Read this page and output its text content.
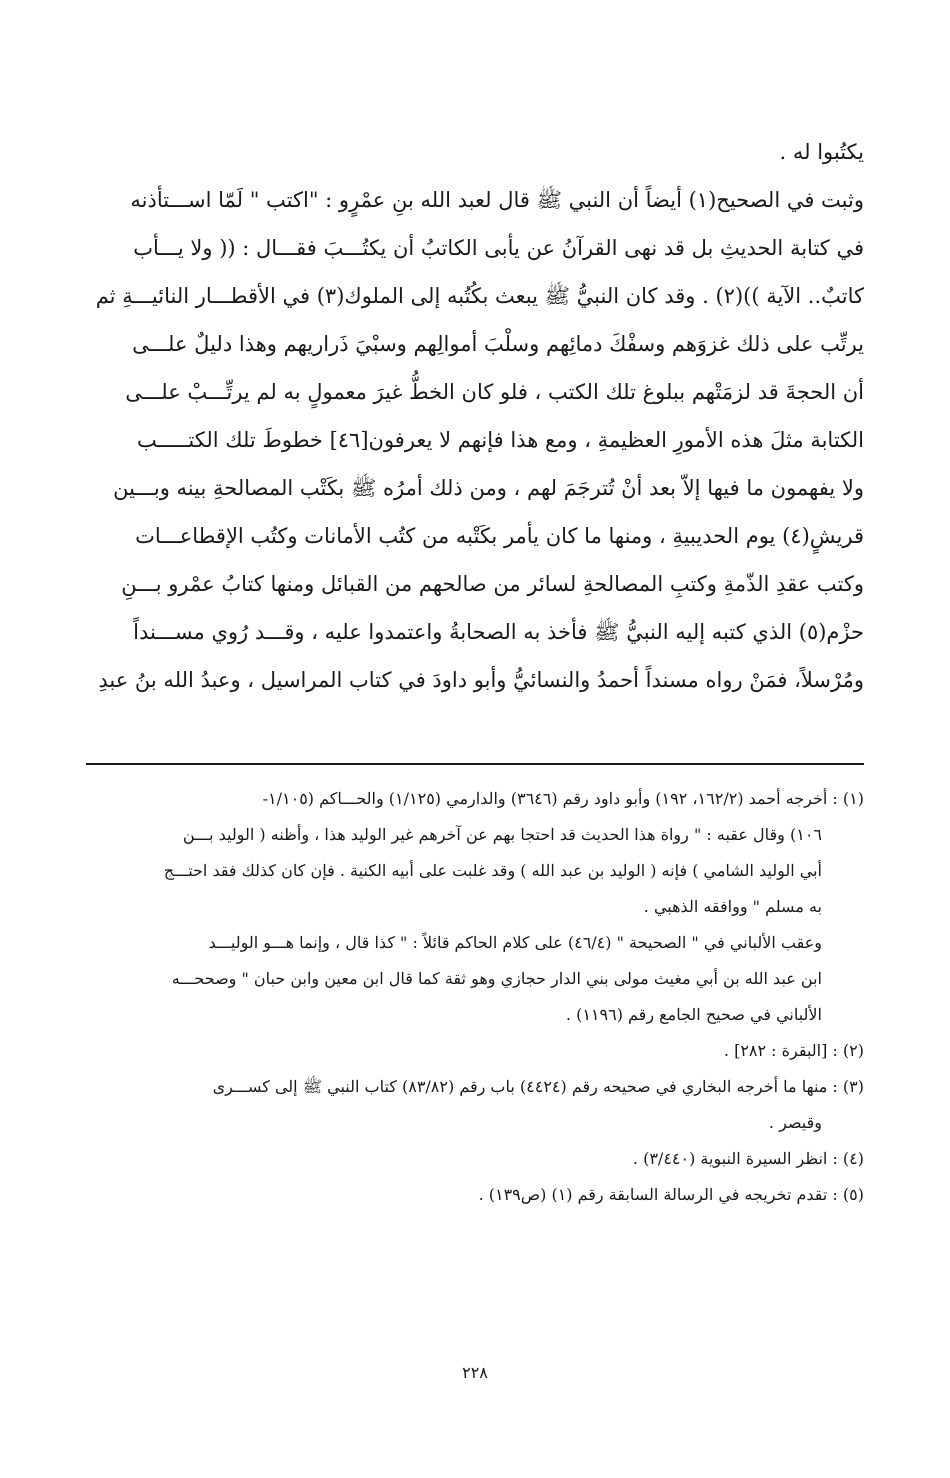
يكتُبوا له .
وثبت في الصحيح(١) أيضاً أن النبي ﷺ قال لعبد الله بنِ عمْرٍو : "اكتب " لَمّا اســـتأذنه
في كتابة الحديثِ بل قد نهى القرآنُ عن يأبى الكاتبُ أن يكتُـــبَ فقـــال : (( ولا يـــأب
كاتبٌ.. الآية ))(٢) . وقد كان النبيُّ ﷺ يبعث بكُتُبه إلى الملوك(٣) في الأقطـــار النائيـــةِ ثم
يرتِّب على ذلك غزوَهم وسفْكَ دمائِهم وسلْبَ أموالِهم وسبْيَ ذَراريهم وهذا دليلٌ علـــى
أن الحجةَ قد لزمَتْهم ببلوغ تلك الكتب ، فلو كان الخطُّ غيرَ معمولٍ به لم يرتِّـــبْ علـــى
الكتابة مثلَ هذه الأمورِ العظيمةِ ، ومع هذا فإنهم لا يعرفون[٤٦] خطوطَ تلك الكتـــــب
ولا يفهمون ما فيها إلاّ بعد أنْ تُترجَمَ لهم ، ومن ذلك أمرُه ﷺ بكَتْب المصالحةِ بينه وبـــين
قريشٍ(٤) يوم الحديبيةِ ، ومنها ما كان يأمر بكَتْبه من كتُب الأمانات وكتُب الإقطاعـــات
وكتب عقدِ الذّمةِ وكتبِ المصالحةِ لسائر من صالحهم من القبائل ومنها كتابُ عمْرو بـــنِ
حزْم(٥) الذي كتبه إليه النبيُّ ﷺ فأخذ به الصحابةُ واعتمدوا عليه ، وقـــد رُوي مســـنداً
ومُرْسلاً، فمَنْ رواه مسنداً أحمدُ والنسائيُّ وأبو داودَ في كتاب المراسيل ، وعبدُ الله بنُ عبدِ
(١) : أخرجه أحمد (١٦٢/٢، ١٩٢) وأبو داود رقم (٣٦٤٦) والدارمي (١/١٢٥) والحـــاكم (١/١٠٥-
١٠٦) وقال عقبه : " رواة هذا الحديث قد احتجا بهم عن آخرهم غير الوليد هذا ، وأظنه ( الوليد بـــن
أبي الوليد الشامي ) فإنه ( الوليد بن عبد الله ) وقد غلبت على أبيه الكنية . فإن كان كذلك فقد احتـــج
به مسلم " ووافقه الذهبي .
وعقب الألباني في " الصحيحة " (٤٦/٤) على كلام الحاكم قائلاً : " كذا قال ، وإنما هـــو الوليـــد
ابن عبد الله بن أبي مغيث مولى بني الدار حجازي وهو ثقة كما قال ابن معين وابن حبان " وصححـــه
الألباني في صحيح الجامع رقم (١١٩٦) .
(٢) : [البقرة : ٢٨٢] .
(٣) : منها ما أخرجه البخاري في صحيحه رقم (٤٤٢٤) باب رقم (٨٣/٨٢) كتاب النبي ﷺ إلى كســـرى
وقيصر .
(٤) : انظر السيرة النبوية (٣/٤٤٠) .
(٥) : تقدم تخريجه في الرسالة السابقة رقم (١) (ص١٣٩) .
٢٢٨
